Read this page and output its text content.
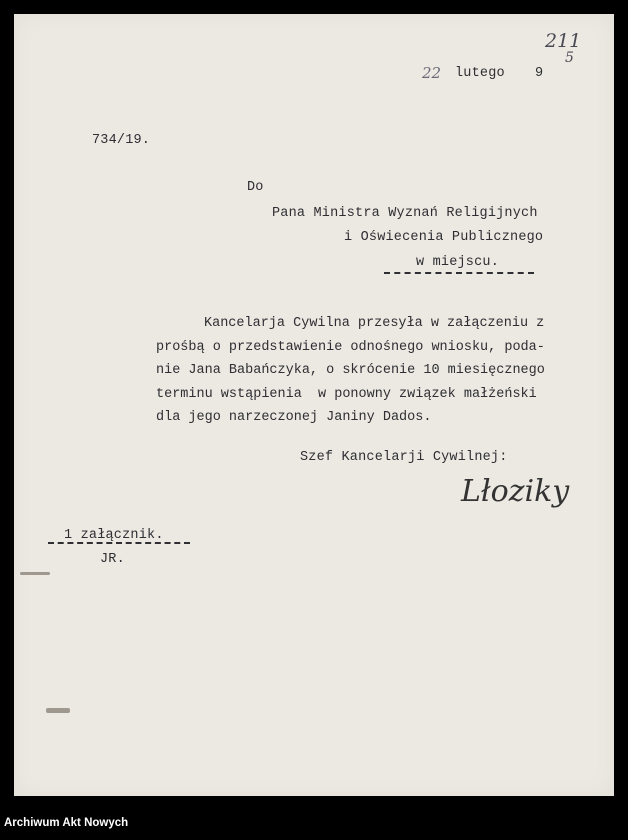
211
5
22 lutego 9
734/19.
Do
Pana Ministra Wyznań Religijnych
i Oświecenia Publicznego
w miejscu.
Kancelarja Cywilna przesyła w załączeniu z
prośbą o przedstawienie odnośnego wniosku, poda-
nie Jana Babańczyka, o skrócenie 10 miesięcznego
terminu wstąpienia  w ponowny związek małżeński
dla jego narzeczonej Janiny Dados.
Szef Kancelarji Cywilnej:
Lłoziky
1 załącznik.
JR.
Archiwum Akt Nowych
